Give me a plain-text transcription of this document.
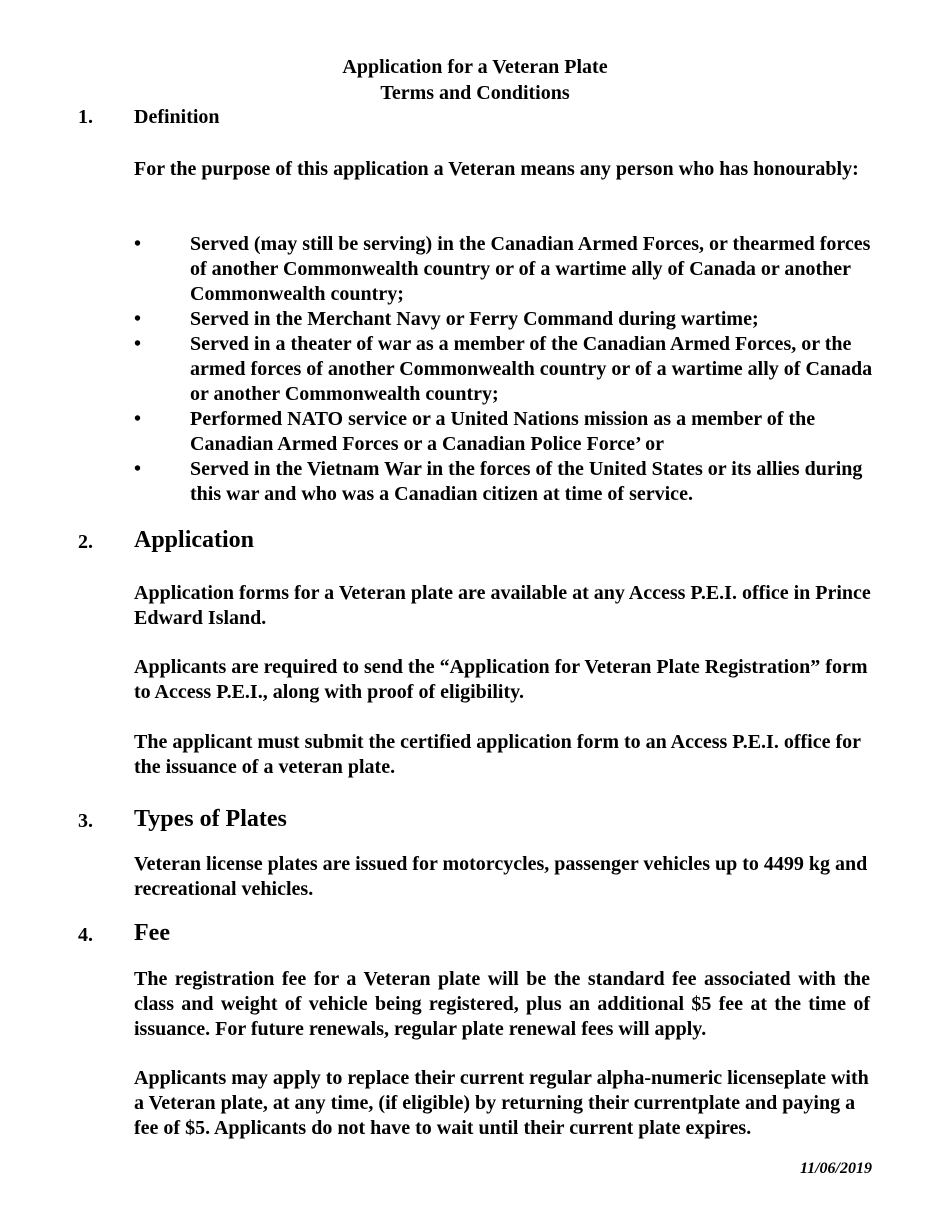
Application for a Veteran Plate
Terms and Conditions
1. Definition
For the purpose of this application a Veteran means any person who has honourably:
• Served (may still be serving) in the Canadian Armed Forces, or thearmed forces of another Commonwealth country or of a wartime ally of Canada or another Commonwealth country;
• Served in the Merchant Navy or Ferry Command during wartime;
• Served in a theater of war as a member of the Canadian Armed Forces, or the armed forces of another Commonwealth country or of a wartime ally of Canada or another Commonwealth country;
• Performed NATO service or a United Nations mission as a member of the Canadian Armed Forces or a Canadian Police Force’ or
• Served in the Vietnam War in the forces of the United States or its allies during this war and who was a Canadian citizen at time of service.
2. Application
Application forms for a Veteran plate are available at any Access P.E.I. office in Prince Edward Island.
Applicants are required to send the “Application for Veteran Plate Registration” form to Access P.E.I., along with proof of eligibility.
The applicant must submit the certified application form to an Access P.E.I. office for the issuance of a veteran plate.
3. Types of Plates
Veteran license plates are issued for motorcycles, passenger vehicles up to 4499 kg and recreational vehicles.
4. Fee
The registration fee for a Veteran plate will be the standard fee associated with the class and weight of vehicle being registered, plus an additional $5 fee at the time of issuance. For future renewals, regular plate renewal fees will apply.
Applicants may apply to replace their current regular alpha-numeric licenseplate with a Veteran plate, at any time, (if eligible) by returning their currentplate and paying a fee of $5. Applicants do not have to wait until their current plate expires.
11/06/2019
